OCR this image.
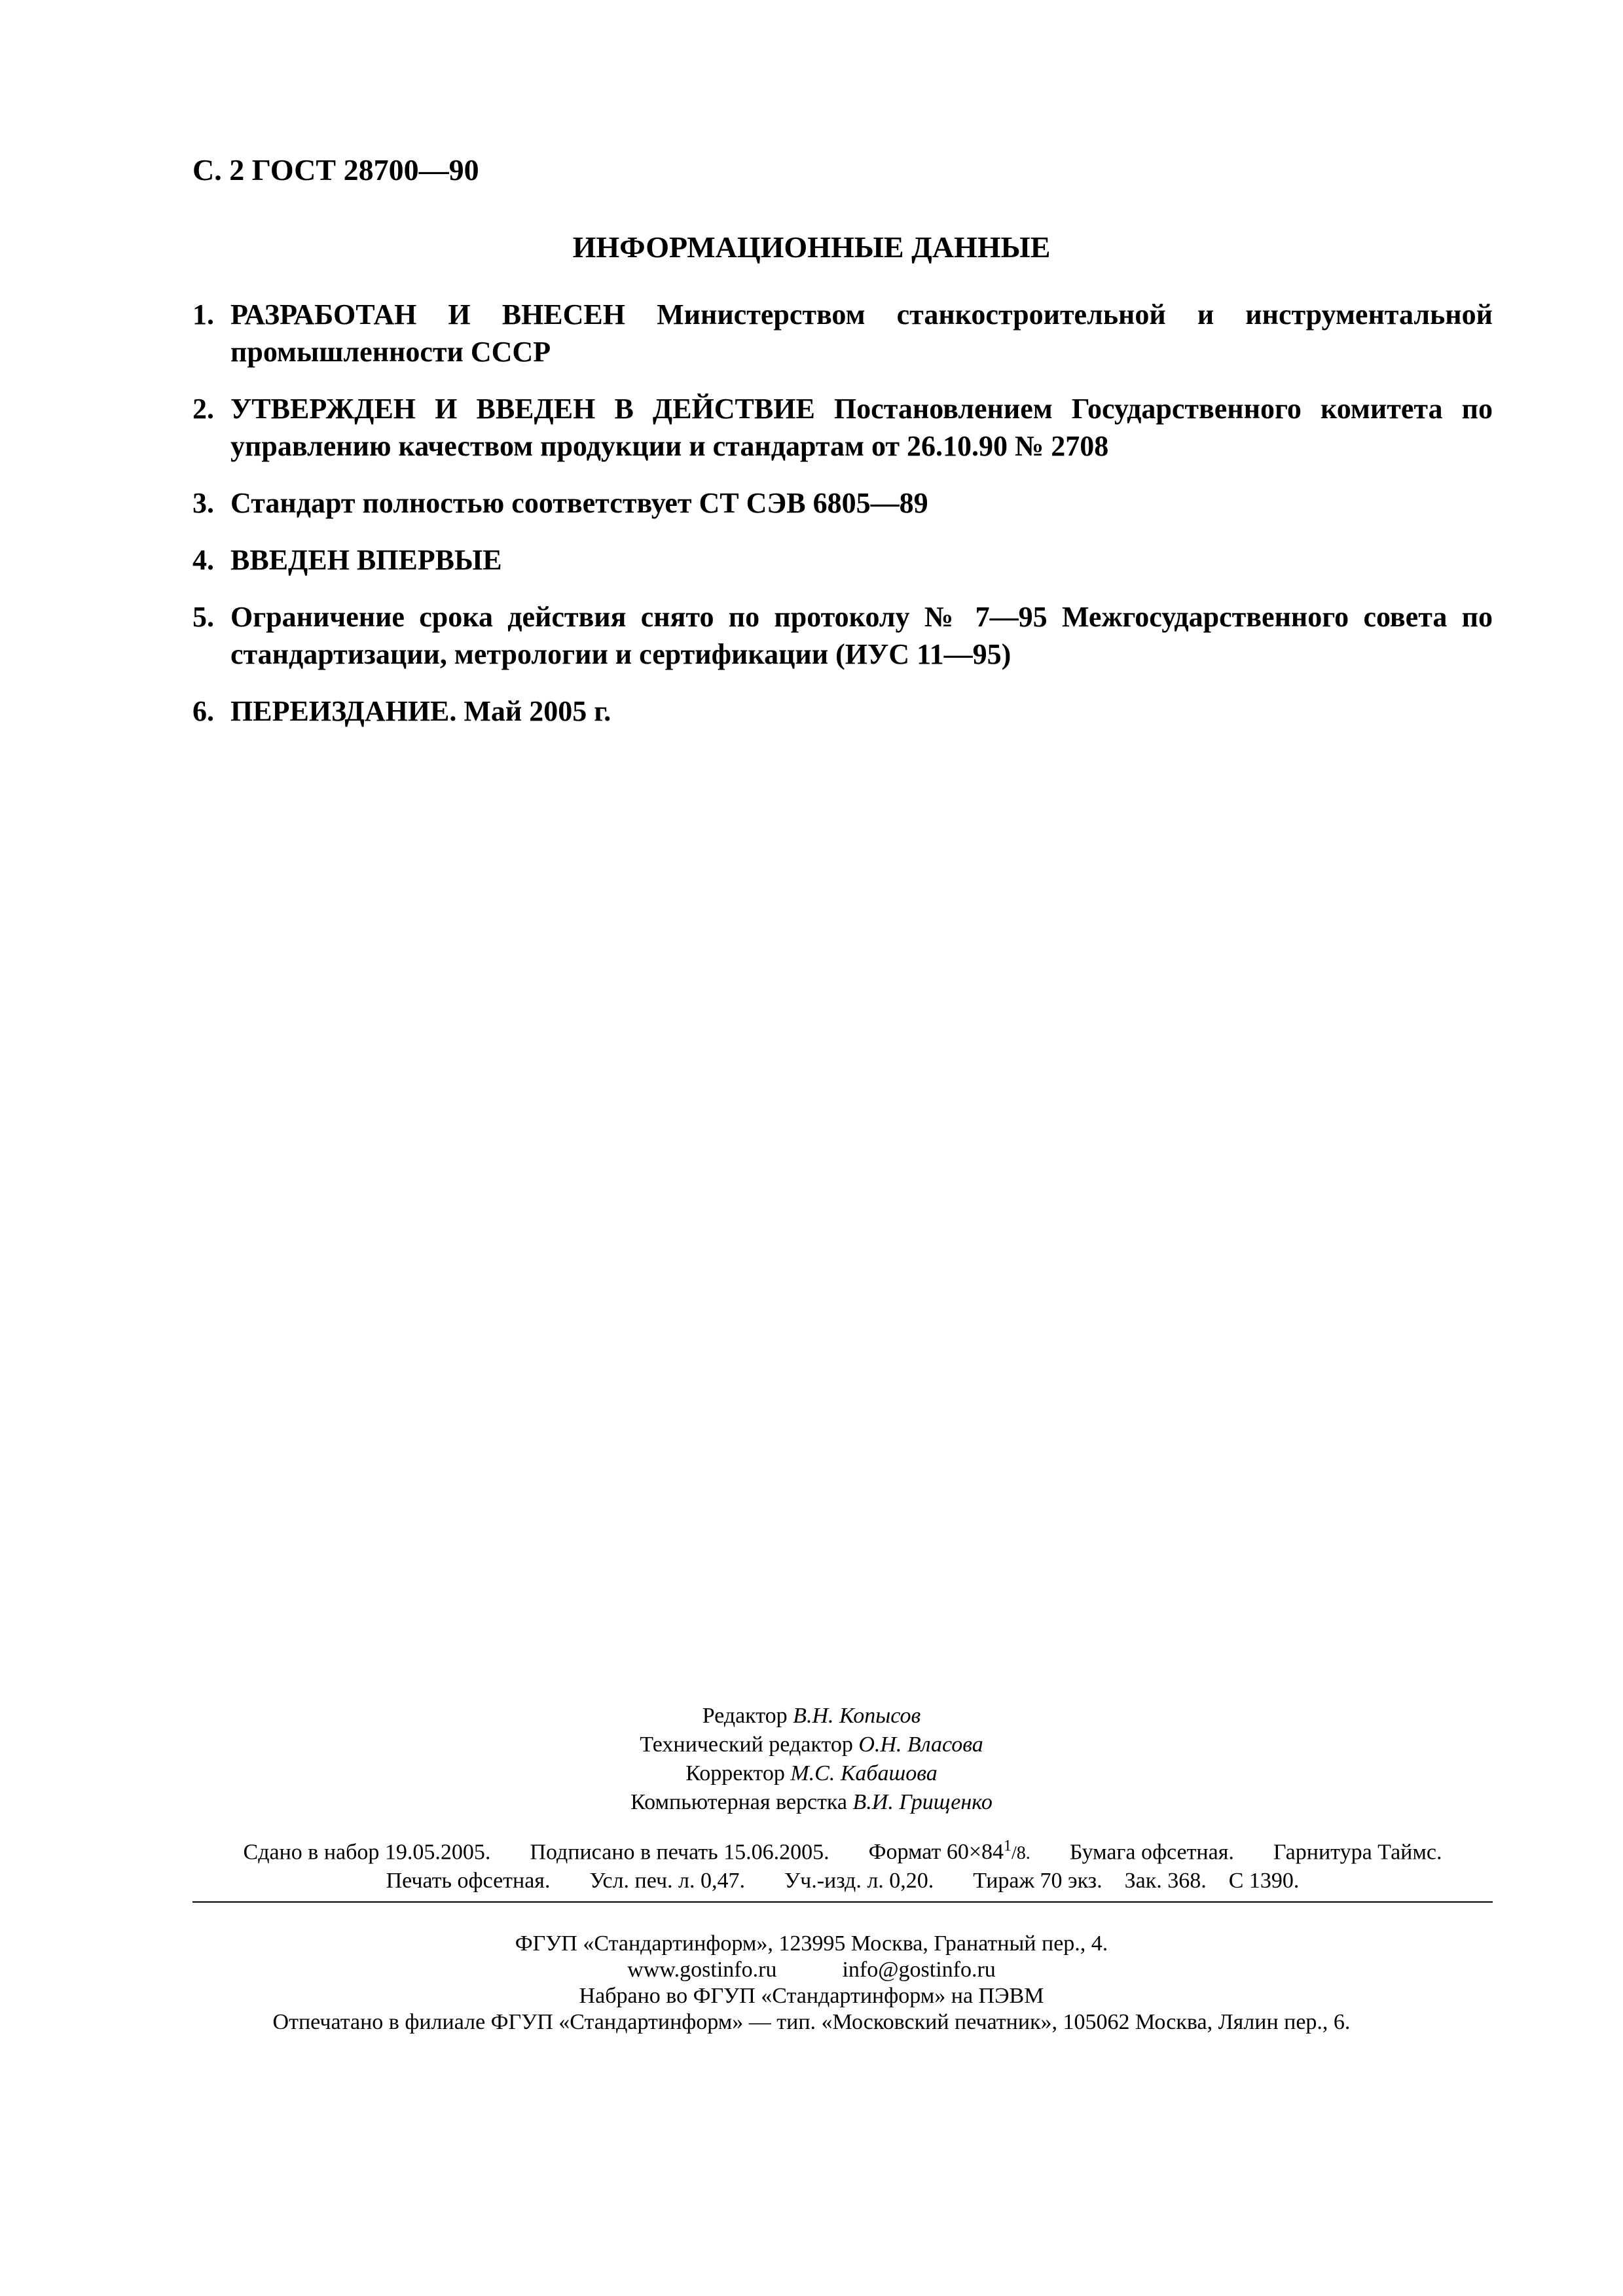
С. 2 ГОСТ 28700—90
ИНФОРМАЦИОННЫЕ ДАННЫЕ
1. РАЗРАБОТАН И ВНЕСЕН Министерством станкостроительной и инструментальной промышленности СССР
2. УТВЕРЖДЕН И ВВЕДЕН В ДЕЙСТВИЕ Постановлением Государственного комитета по управлению качеством продукции и стандартам от 26.10.90 № 2708
3. Стандарт полностью соответствует СТ СЭВ 6805—89
4. ВВЕДЕН ВПЕРВЫЕ
5. Ограничение срока действия снято по протоколу № 7—95 Межгосударственного совета по стандартизации, метрологии и сертификации (ИУС 11—95)
6. ПЕРЕИЗДАНИЕ. Май 2005 г.
Редактор В.Н. Копысов
Технический редактор О.Н. Власова
Корректор М.С. Кабашова
Компьютерная верстка В.И. Грищенко
Сдано в набор 19.05.2005. Подписано в печать 15.06.2005. Формат $60\times 84^1/8$. Бумага офсетная. Гарнитура Таймс.
Печать офсетная. Усл. печ. л. 0,47. Уч.-изд. л. 0,20. Тираж 70 экз. Зак. 368. С 1390.
ФГУП «Стандартинформ», 123995 Москва, Гранатный пер., 4.
www.gostinfo.ru	info@gostinfo.ru
Набрано во ФГУП «Стандартинформ» на ПЭВМ
Отпечатано в филиале ФГУП «Стандартинформ» — тип. «Московский печатник», 105062 Москва, Лялин пер., 6.
